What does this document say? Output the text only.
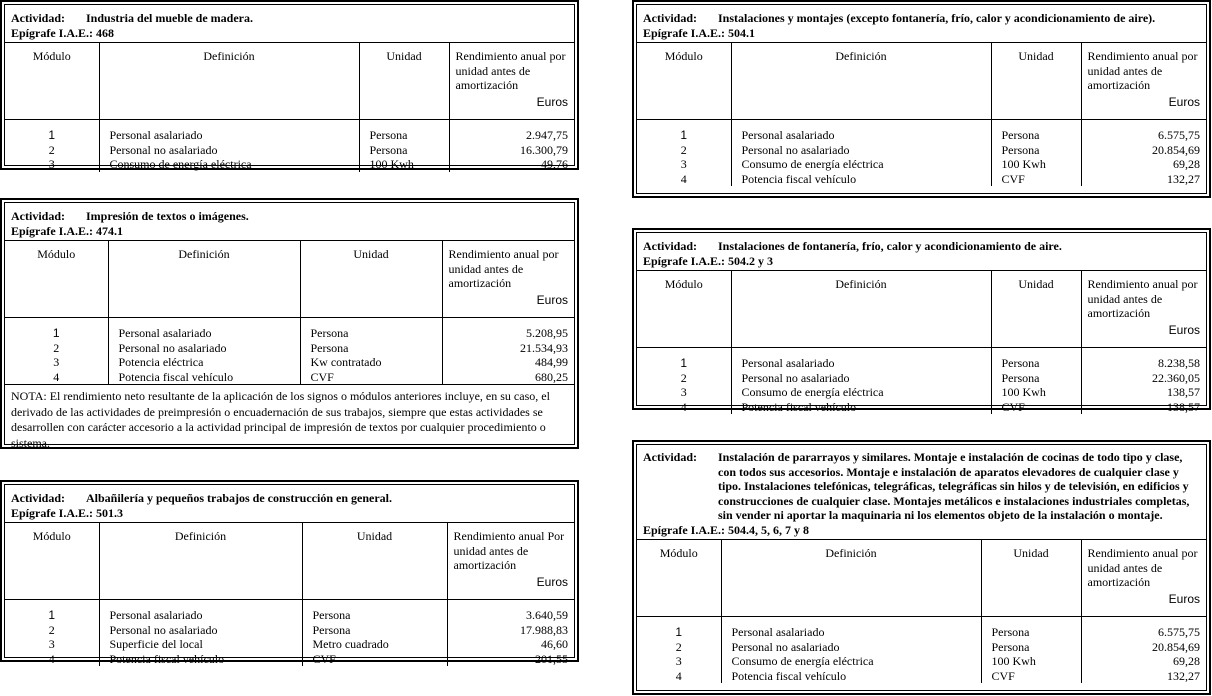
Actividad:	Industria del mueble de madera.
Epígrafe I.A.E.: 468
Módulo	Definición	Unidad	Rendimiento anual por unidad antes de amortización
Euros

1	Personal asalariado	Persona	2.947,75
2	Personal no asalariado	Persona	16.300,79
3	Consumo de energía eléctrica	100 Kwh	49,76
Actividad:	Impresión de textos o imágenes.
Epígrafe I.A.E.: 474.1
Módulo	Definición	Unidad	Rendimiento anual por unidad antes de amortización
Euros

1	Personal asalariado	Persona	5.208,95
2	Personal no asalariado	Persona	21.534,93
3	Potencia eléctrica	Kw contratado	484,99
4	Potencia fiscal vehículo	CVF	680,25
NOTA: El rendimiento neto resultante de la aplicación de los signos o módulos anteriores incluye, en su caso, el derivado de las actividades de preimpresión o encuadernación de sus trabajos, siempre que estas actividades se desarrollen con carácter accesorio a la actividad principal de impresión de textos por cualquier procedimiento o sistema.
Actividad:	Albañilería y pequeños trabajos de construcción en general.
Epígrafe I.A.E.: 501.3
Módulo	Definición	Unidad	Rendimiento anual Por unidad antes de amortización
Euros

1	Personal asalariado	Persona	3.640,59
2	Personal no asalariado	Persona	17.988,83
3	Superficie del local	Metro cuadrado	46,60
4	Potencia fiscal vehículo	CVF	201,55
Actividad:	Instalaciones y montajes (excepto fontanería, frío, calor y acondicionamiento de aire).
Epígrafe I.A.E.: 504.1
Módulo	Definición	Unidad	Rendimiento anual por unidad antes de amortización
Euros

1	Personal asalariado	Persona	6.575,75
2	Personal no asalariado	Persona	20.854,69
3	Consumo de energía eléctrica	100 Kwh	69,28
4	Potencia fiscal vehículo	CVF	132,27
Actividad:	Instalaciones de fontanería, frío, calor y acondicionamiento de aire.
Epígrafe I.A.E.: 504.2 y 3
Módulo	Definición	Unidad	Rendimiento anual por unidad antes de amortización
Euros

1	Personal asalariado	Persona	8.238,58
2	Personal no asalariado	Persona	22.360,05
3	Consumo de energía eléctrica	100 Kwh	138,57
4	Potencia fiscal vehículo	CVF	138,57
Actividad:	Instalación de pararrayos y similares. Montaje e instalación de cocinas de todo tipo y clase, con todos sus accesorios. Montaje e instalación de aparatos elevadores de cualquier clase y tipo. Instalaciones telefónicas, telegráficas, telegráficas sin hilos y de televisión, en edificios y construcciones de cualquier clase. Montajes metálicos e instalaciones industriales completas, sin vender ni aportar la maquinaria ni los elementos objeto de la instalación o montaje.
Epígrafe I.A.E.: 504.4, 5, 6, 7 y 8
Módulo	Definición	Unidad	Rendimiento anual por unidad antes de amortización
Euros

1	Personal asalariado	Persona	6.575,75
2	Personal no asalariado	Persona	20.854,69
3	Consumo de energía eléctrica	100 Kwh	69,28
4	Potencia fiscal vehículo	CVF	132,27
